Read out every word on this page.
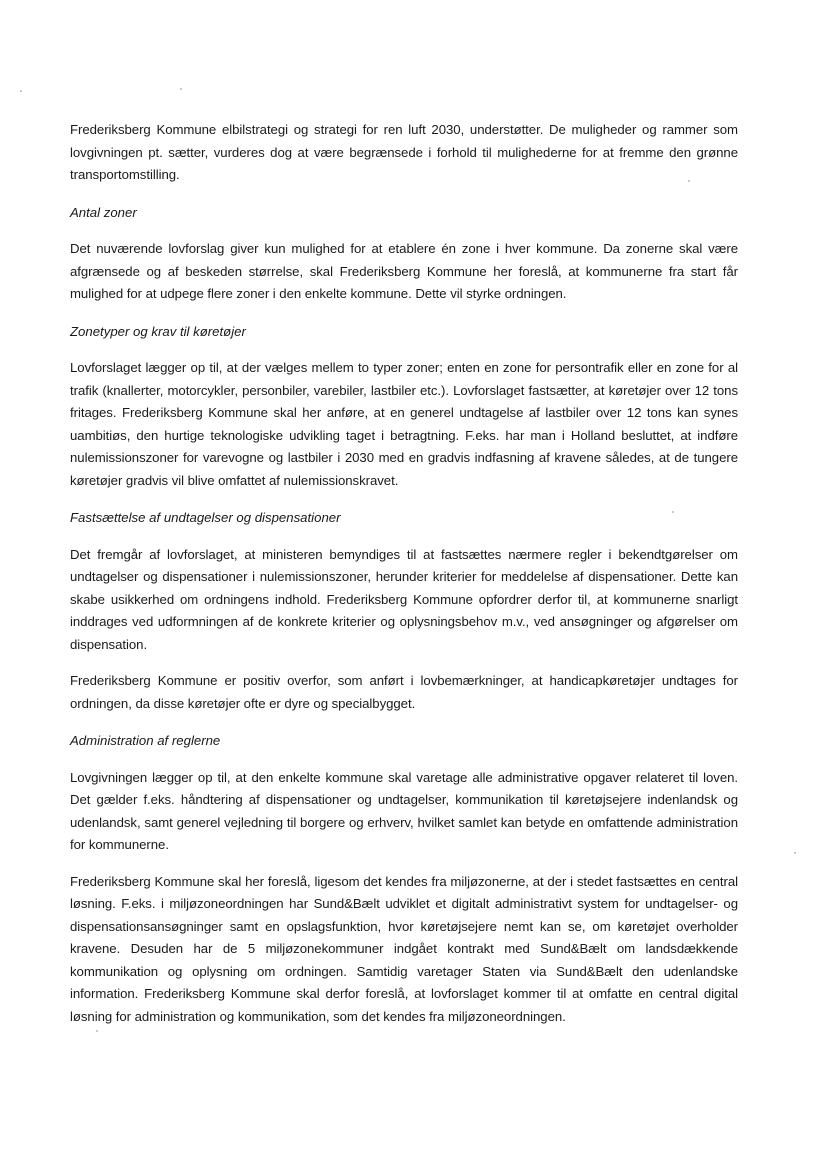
Frederiksberg Kommune elbilstrategi og strategi for ren luft 2030, understøtter. De muligheder og rammer som lovgivningen pt. sætter, vurderes dog at være begrænsede i forhold til mulighederne for at fremme den grønne transportomstilling.

Antal zoner

Det nuværende lovforslag giver kun mulighed for at etablere én zone i hver kommune. Da zonerne skal være afgrænsede og af beskeden størrelse, skal Frederiksberg Kommune her foreslå, at kommunerne fra start får mulighed for at udpege flere zoner i den enkelte kommune. Dette vil styrke ordningen.

Zonetyper og krav til køretøjer

Lovforslaget lægger op til, at der vælges mellem to typer zoner; enten en zone for persontrafik eller en zone for al trafik (knallerter, motorcykler, personbiler, varebiler, lastbiler etc.). Lovforslaget fastsætter, at køretøjer over 12 tons fritages. Frederiksberg Kommune skal her anføre, at en generel undtagelse af lastbiler over 12 tons kan synes uambitiøs, den hurtige teknologiske udvikling taget i betragtning. F.eks. har man i Holland besluttet, at indføre nulemissionszoner for varevogne og lastbiler i 2030 med en gradvis indfasning af kravene således, at de tungere køretøjer gradvis vil blive omfattet af nulemissionskravet.

Fastsættelse af undtagelser og dispensationer

Det fremgår af lovforslaget, at ministeren bemyndiges til at fastsættes nærmere regler i bekendtgørelser om undtagelser og dispensationer i nulemissionszoner, herunder kriterier for meddelelse af dispensationer. Dette kan skabe usikkerhed om ordningens indhold. Frederiksberg Kommune opfordrer derfor til, at kommunerne snarligt inddrages ved udformningen af de konkrete kriterier og oplysningsbehov m.v., ved ansøgninger og afgørelser om dispensation.

Frederiksberg Kommune er positiv overfor, som anført i lovbemærkninger, at handicapkøretøjer undtages for ordningen, da disse køretøjer ofte er dyre og specialbygget.

Administration af reglerne

Lovgivningen lægger op til, at den enkelte kommune skal varetage alle administrative opgaver relateret til loven. Det gælder f.eks. håndtering af dispensationer og undtagelser, kommunikation til køretøjsejere indenlandsk og udenlandsk, samt generel vejledning til borgere og erhverv, hvilket samlet kan betyde en omfattende administration for kommunerne.

Frederiksberg Kommune skal her foreslå, ligesom det kendes fra miljøzonerne, at der i stedet fastsættes en central løsning. F.eks. i miljøzoneordningen har Sund&Bælt udviklet et digitalt administrativt system for undtagelser- og dispensationsansøgninger samt en opslagsfunktion, hvor køretøjsejere nemt kan se, om køretøjet overholder kravene. Desuden har de 5 miljøzonekommuner indgået kontrakt med Sund&Bælt om landsdækkende kommunikation og oplysning om ordningen. Samtidig varetager Staten via Sund&Bælt den udenlandske information. Frederiksberg Kommune skal derfor foreslå, at lovforslaget kommer til at omfatte en central digital løsning for administration og kommunikation, som det kendes fra miljøzoneordningen.
